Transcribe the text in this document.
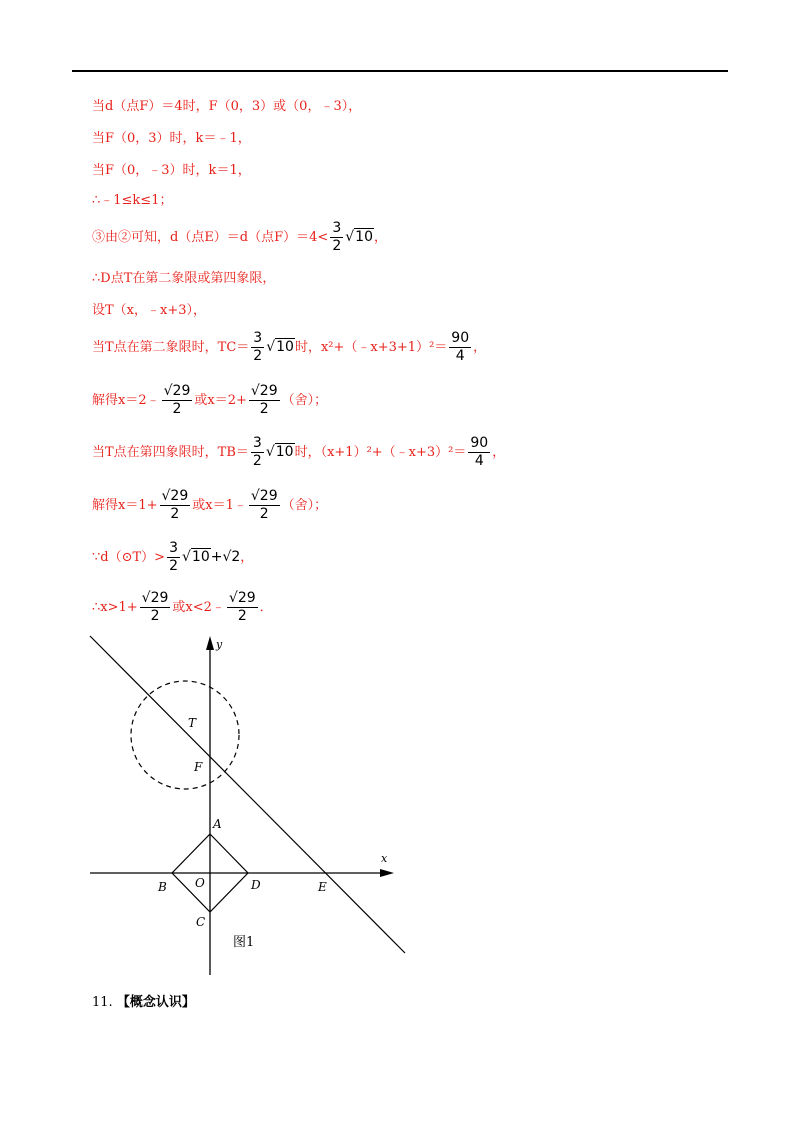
当d（点F）＝4时，F（0，3）或（0，﹣3），
当F（0，3）时，k＝﹣1，
当F（0，﹣3）时，k＝1，
∴﹣1≤k≤1；
③由②可知，d（点E）＝d（点$F)=4< \frac{3}{2} √10$，
∴D点T在第二象限或第四象限，
设T（x，﹣x+3），
当T点在第二象限时，$TC= \frac{3}{2} √10$时，x²+（﹣x+3+1）²＝ $\frac{90}{4}$ ，
解得x＝2﹣ $\frac{√29}{2}$ 或$x=2+ \frac{√29}{2}$ （舍）；
当T点在第四象限时，$TB= \frac{3}{2} √10$时，（x+1）²+（﹣x+3）²＝ $\frac{90}{4}$ ，
解得$x=1+ \frac{√29}{2}$ 或x＝1﹣ $\frac{√29}{2}$ （舍）；
∵d（⊙T）> $\frac{3}{2} √10+√2$，
∴x>1+ $\frac{√29}{2}$ 或x<2﹣ $\frac{√29}{2}$ ．
y
x
T
F
A
B O	D	E
C
图1
11. 【概念认识】
